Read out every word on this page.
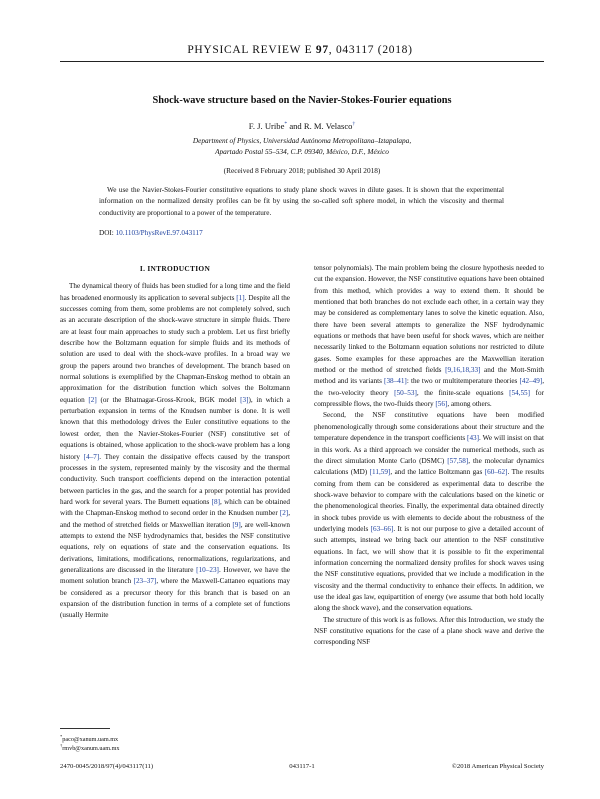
PHYSICAL REVIEW E 97, 043117 (2018)
Shock-wave structure based on the Navier-Stokes-Fourier equations
F. J. Uribe* and R. M. Velasco†
Department of Physics, Universidad Autónoma Metropolitana–Iztapalapa,
Apartado Postal 55–534, C.P. 09340, México, D.F., México
(Received 8 February 2018; published 30 April 2018)
We use the Navier-Stokes-Fourier constitutive equations to study plane shock waves in dilute gases. It is shown that the experimental information on the normalized density profiles can be fit by using the so-called soft sphere model, in which the viscosity and thermal conductivity are proportional to a power of the temperature.
DOI: 10.1103/PhysRevE.97.043117
I. INTRODUCTION

The dynamical theory of fluids has been studied for a long time and the field has broadened enormously its application to several subjects [1]. Despite all the successes coming from them, some problems are not completely solved, such as an accurate description of the shock-wave structure in simple fluids. There are at least four main approaches to study such a problem. Let us first briefly describe how the Boltzmann equation for simple fluids and its methods of solution are used to deal with the shock-wave profiles. In a broad way we group the papers around two branches of development. The branch based on normal solutions is exemplified by the Chapman-Enskog method to obtain an approximation for the distribution function which solves the Boltzmann equation [2] (or the Bhatnagar-Gross-Krook, BGK model [3]), in which a perturbation expansion in terms of the Knudsen number is done. It is well known that this methodology drives the Euler constitutive equations to the lowest order, then the Navier-Stokes-Fourier (NSF) constitutive set of equations is obtained, whose application to the shock-wave problem has a long history [4–7]. They contain the dissipative effects caused by the transport processes in the system, represented mainly by the viscosity and the thermal conductivity. Such transport coefficients depend on the interaction potential between particles in the gas, and the search for a proper potential has provided hard work for several years. The Burnett equations [8], which can be obtained with the Chapman-Enskog method to second order in the Knudsen number [2], and the method of stretched fields or Maxwellian iteration [9], are well-known attempts to extend the NSF hydrodynamics that, besides the NSF constitutive equations, rely on equations of state and the conservation equations. Its derivations, limitations, modifications, renormalizations, regularizations, and generalizations are discussed in the literature [10–23]. However, we have the moment solution branch [23–37], where the Maxwell-Cattaneo equations may be considered as a precursor theory for this branch that is based on an expansion of the distribution function in terms of a complete set of functions (usually Hermite

tensor polynomials). The main problem being the closure hypothesis needed to cut the expansion. However, the NSF constitutive equations have been obtained from this method, which provides a way to extend them. It should be mentioned that both branches do not exclude each other, in a certain way they may be considered as complementary lanes to solve the kinetic equation. Also, there have been several attempts to generalize the NSF hydrodynamic equations or methods that have been useful for shock waves, which are neither necessarily linked to the Boltzmann equation solutions nor restricted to dilute gases. Some examples for these approaches are the Maxwellian iteration method or the method of stretched fields [9,16,18,33] and the Mott-Smith method and its variants [38–41]: the two or multitemperature theories [42–49], the two-velocity theory [50–53], the finite-scale equations [54,55] for compressible flows, the two-fluids theory [56], among others.

Second, the NSF constitutive equations have been modified phenomenologically through some considerations about their structure and the temperature dependence in the transport coefficients [43]. We will insist on that in this work. As a third approach we consider the numerical methods, such as the direct simulation Monte Carlo (DSMC) [57,58], the molecular dynamics calculations (MD) [11,59], and the lattice Boltzmann gas [60–62]. The results coming from them can be considered as experimental data to describe the shock-wave behavior to compare with the calculations based on the kinetic or the phenomenological theories. Finally, the experimental data obtained directly in shock tubes provide us with elements to decide about the robustness of the underlying models [63–66]. It is not our purpose to give a detailed account of such attempts, instead we bring back our attention to the NSF constitutive equations. In fact, we will show that it is possible to fit the experimental information concerning the normalized density profiles for shock waves using the NSF constitutive equations, provided that we include a modification in the viscosity and the thermal conductivity to enhance their effects. In addition, we use the ideal gas law, equipartition of energy (we assume that both hold locally along the shock wave), and the conservation equations.

The structure of this work is as follows. After this Introduction, we study the NSF constitutive equations for the case of a plane shock wave and derive the corresponding NSF

*paco@xanum.uam.mx
†rmvb@xanum.uam.mx
2470-0045/2018/97(4)/043117(11)	043117-1	©2018 American Physical Society
